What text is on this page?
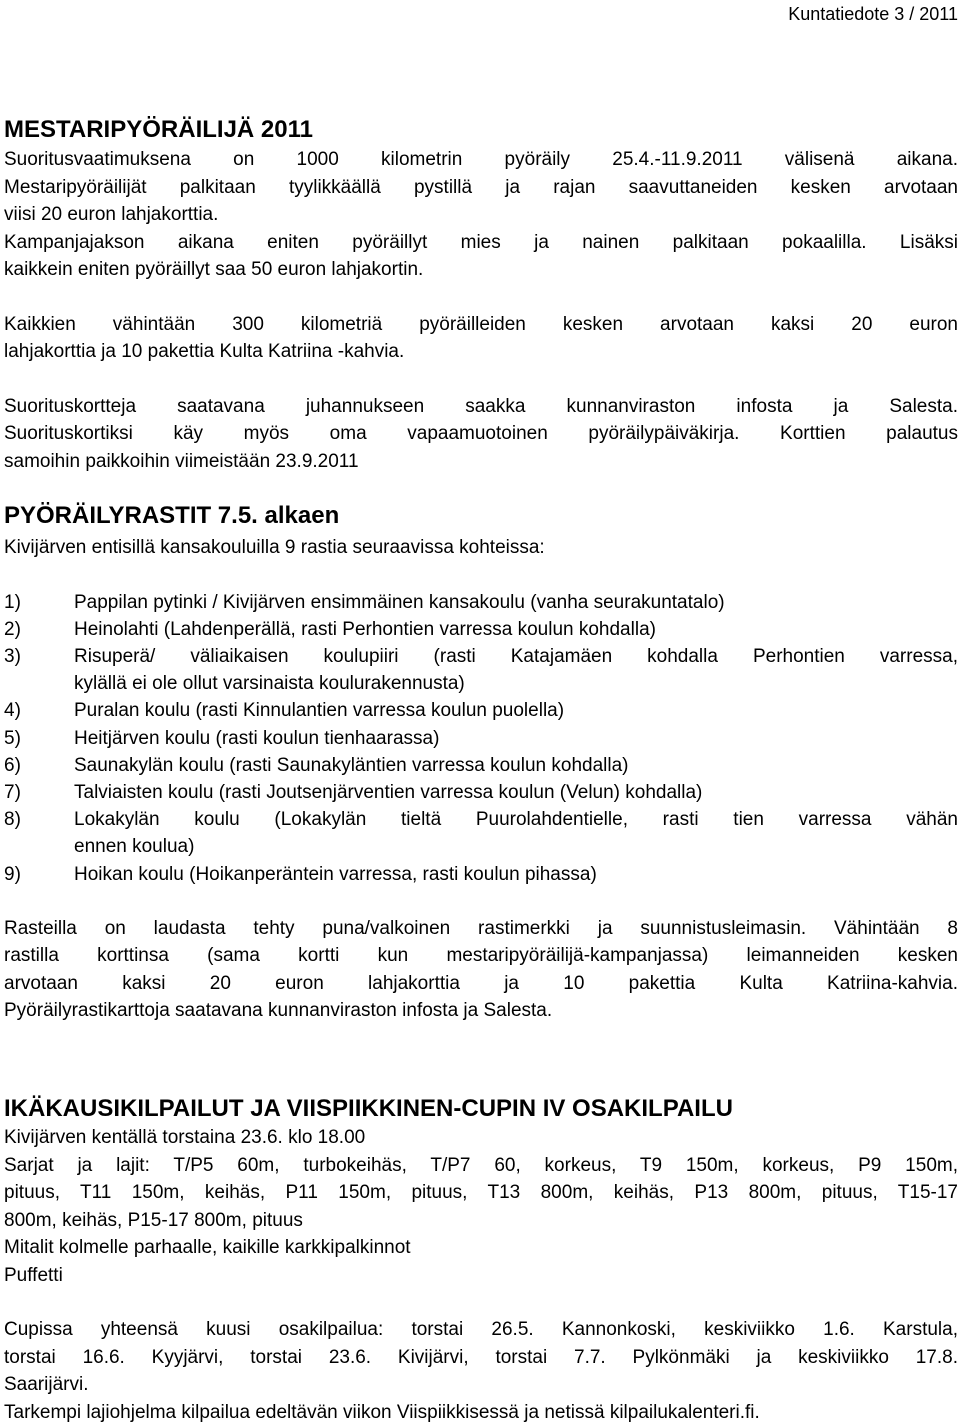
Kuntatiedote 3 / 2011
MESTARIPYÖRÄILIJÄ 2011
Suoritusvaatimuksena on 1000 kilometrin pyöräily 25.4.-11.9.2011 välisenä aikana.
Mestaripyöräilijät palkitaan tyylikkäällä pystillä ja rajan saavuttaneiden kesken arvotaan
viisi 20 euron lahjakorttia.
Kampanjajakson aikana eniten pyöräillyt mies ja nainen palkitaan pokaalilla. Lisäksi
kaikkein eniten pyöräillyt saa 50 euron lahjakortin.
Kaikkien vähintään 300 kilometriä pyöräilleiden kesken arvotaan kaksi 20 euron
lahjakorttia ja 10 pakettia Kulta Katriina -kahvia.
Suorituskortteja saatavana juhannukseen saakka kunnanviraston infosta ja Salesta.
Suorituskortiksi käy myös oma vapaamuotoinen pyöräilypäiväkirja. Korttien palautus
samoihin paikkoihin viimeistään 23.9.2011
PYÖRÄILYRASTIT 7.5. alkaen
Kivijärven entisillä kansakouluilla 9 rastia seuraavissa kohteissa:
1)	Pappilan pytinki / Kivijärven ensimmäinen kansakoulu (vanha seurakuntatalo)
2)	Heinolahti (Lahdenperällä, rasti Perhontien varressa koulun kohdalla)
3)	Risuperä/ väliaikaisen koulupiiri (rasti Katajamäen kohdalla Perhontien varressa,
kylällä ei ole ollut varsinaista koulurakennusta)
4)	Puralan koulu (rasti Kinnulantien varressa koulun puolella)
5)	Heitjärven koulu (rasti koulun tienhaarassa)
6)	Saunakylän koulu (rasti Saunakyläntien varressa koulun kohdalla)
7)	Talviaisten koulu (rasti Joutsenjärventien varressa koulun (Velun) kohdalla)
8)	Lokakylän koulu (Lokakylän tieltä Puurolahdentielle, rasti tien varressa vähän
ennen koulua)
9)	Hoikan koulu (Hoikanperäntein varressa, rasti koulun pihassa)
Rasteilla on laudasta tehty puna/valkoinen rastimerkki ja suunnistusleimasin. Vähintään 8
rastilla korttinsa (sama kortti kun mestaripyöräilijä-kampanjassa) leimanneiden kesken
arvotaan kaksi 20 euron lahjakorttia ja 10 pakettia Kulta Katriina-kahvia.
Pyöräilyrastikarttoja saatavana kunnanviraston infosta ja Salesta.
IKÄKAUSIKILPAILUT JA VIISPIIKKINEN-CUPIN IV OSAKILPAILU
Kivijärven kentällä torstaina 23.6. klo 18.00
Sarjat ja lajit: T/P5 60m, turbokeihäs, T/P7 60, korkeus, T9 150m, korkeus, P9 150m,
pituus, T11 150m, keihäs, P11 150m, pituus, T13 800m, keihäs, P13 800m, pituus, T15-17
800m, keihäs, P15-17 800m, pituus
Mitalit kolmelle parhaalle, kaikille karkkipalkinnot
Puffetti
Cupissa yhteensä kuusi osakilpailua: torstai 26.5. Kannonkoski, keskiviikko 1.6. Karstula,
torstai 16.6. Kyyjärvi, torstai 23.6. Kivijärvi, torstai 7.7. Pylkönmäki ja keskiviikko 17.8.
Saarijärvi.
Tarkempi lajiohjelma kilpailua edeltävän viikon Viispiikkisessä ja netissä kilpailukalenteri.fi.
